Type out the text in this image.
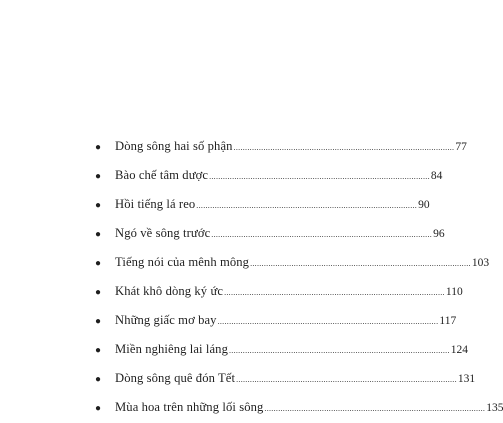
●	Dòng sông hai số phận ................................................................................................ 77
●	Bào chế tâm dược ................................................................................................ 84
●	Hồi tiếng lá reo ................................................................................................ 90
●	Ngó về sông trước ................................................................................................ 96
●	Tiếng nói của mênh mông ................................................................................................ 103
●	Khát khô dòng ký ức ................................................................................................ 110
●	Những giấc mơ bay ................................................................................................ 117
●	Miền nghiêng lai láng ................................................................................................ 124
●	Dòng sông quê đón Tết ................................................................................................ 131
●	Mùa hoa trên những lối sông ................................................................................................ 135
